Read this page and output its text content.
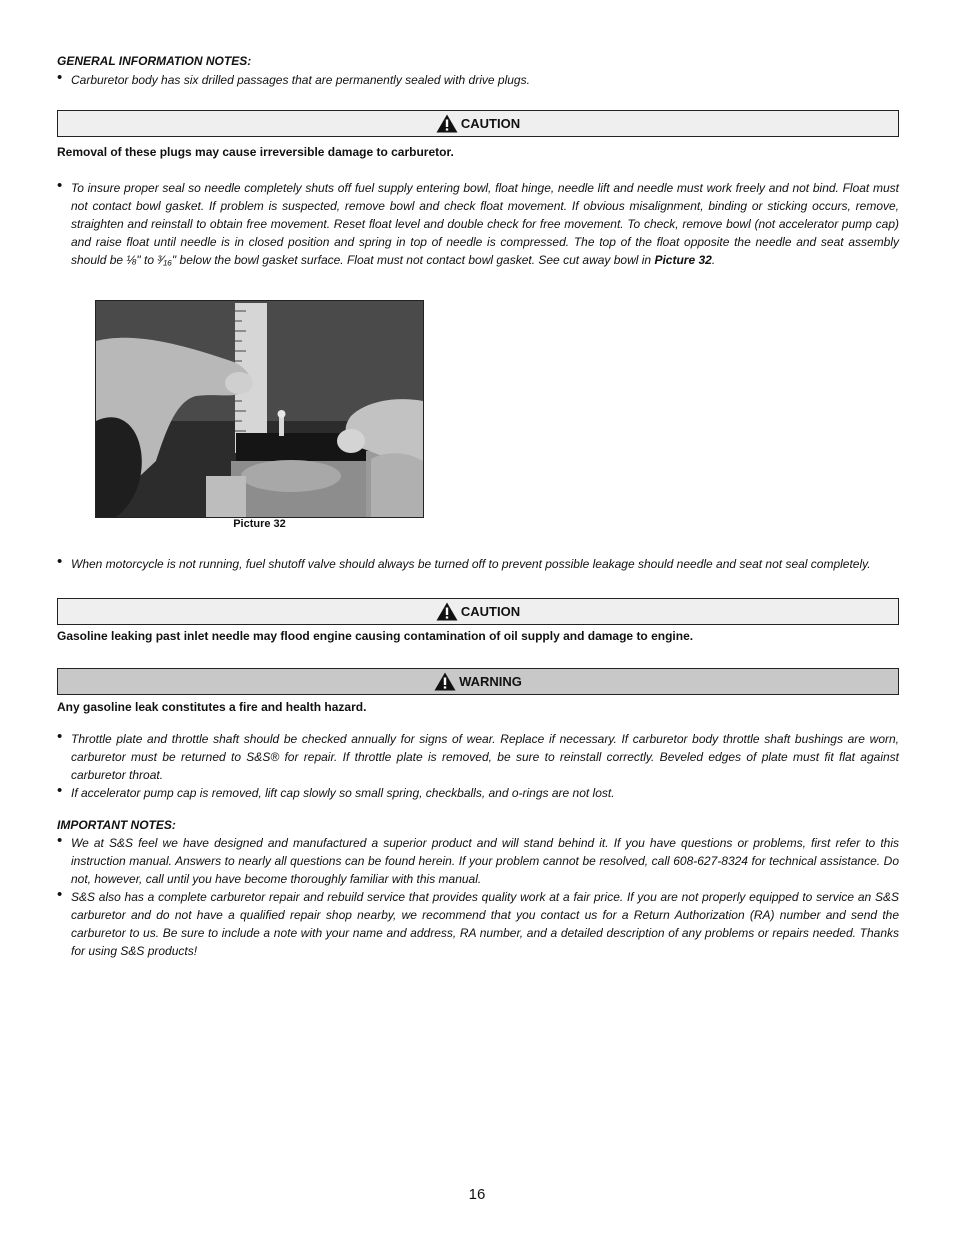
GENERAL INFORMATION NOTES:
• Carburetor body has six drilled passages that are permanently sealed with drive plugs.
CAUTION
Removal of these plugs may cause irreversible damage to carburetor.
• To insure proper seal so needle completely shuts off fuel supply entering bowl, float hinge, needle lift and needle must work freely and not bind. Float must not contact bowl gasket. If problem is suspected, remove bowl and check float movement. If obvious misalignment, binding or sticking occurs, remove, straighten and reinstall to obtain free movement. Reset float level and double check for free movement. To check, remove bowl (not accelerator pump cap) and raise float until needle is in closed position and spring in top of needle is compressed. The top of the float opposite the needle and seat assembly should be ⅛" to ³⁄₁₆" below the bowl gasket surface. Float must not contact bowl gasket. See cut away bowl in Picture 32.
Picture 32
• When motorcycle is not running, fuel shutoff valve should always be turned off to prevent possible leakage should needle and seat not seal completely.
CAUTION
Gasoline leaking past inlet needle may flood engine causing contamination of oil supply and damage to engine.
WARNING
Any gasoline leak constitutes a fire and health hazard.
• Throttle plate and throttle shaft should be checked annually for signs of wear. Replace if necessary. If carburetor body throttle shaft bushings are worn, carburetor must be returned to S&S® for repair. If throttle plate is removed, be sure to reinstall correctly. Beveled edges of plate must fit flat against carburetor throat.
• If accelerator pump cap is removed, lift cap slowly so small spring, checkballs, and o-rings are not lost.
IMPORTANT NOTES:
• We at S&S feel we have designed and manufactured a superior product and will stand behind it. If you have questions or problems, first refer to this instruction manual. Answers to nearly all questions can be found herein. If your problem cannot be resolved, call 608-627-8324 for technical assistance. Do not, however, call until you have become thoroughly familiar with this manual.
• S&S also has a complete carburetor repair and rebuild service that provides quality work at a fair price. If you are not properly equipped to service an S&S carburetor and do not have a qualified repair shop nearby, we recommend that you contact us for a Return Authorization (RA) number and send the carburetor to us. Be sure to include a note with your name and address, RA number, and a detailed description of any problems or repairs needed. Thanks for using S&S products!
16
